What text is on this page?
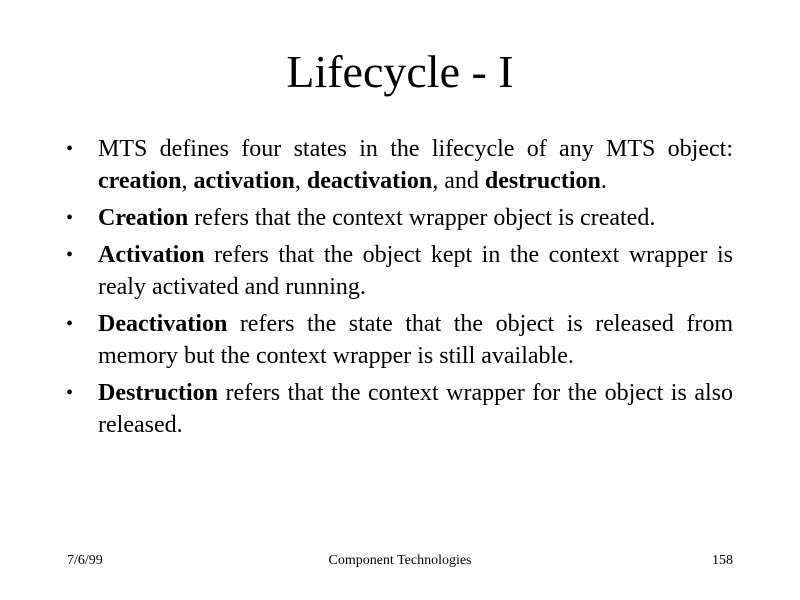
Lifecycle - I
•	MTS defines four states in the lifecycle of any MTS object: creation, activation, deactivation, and destruction.
•	Creation refers that the context wrapper object is created.
•	Activation refers that the object kept in the context wrapper is realy activated and running.
•	Deactivation refers the state that the object is released from memory but the context wrapper is still available.
•	Destruction refers that the context wrapper for the object is also released.
7/6/99	Component Technologies	158
